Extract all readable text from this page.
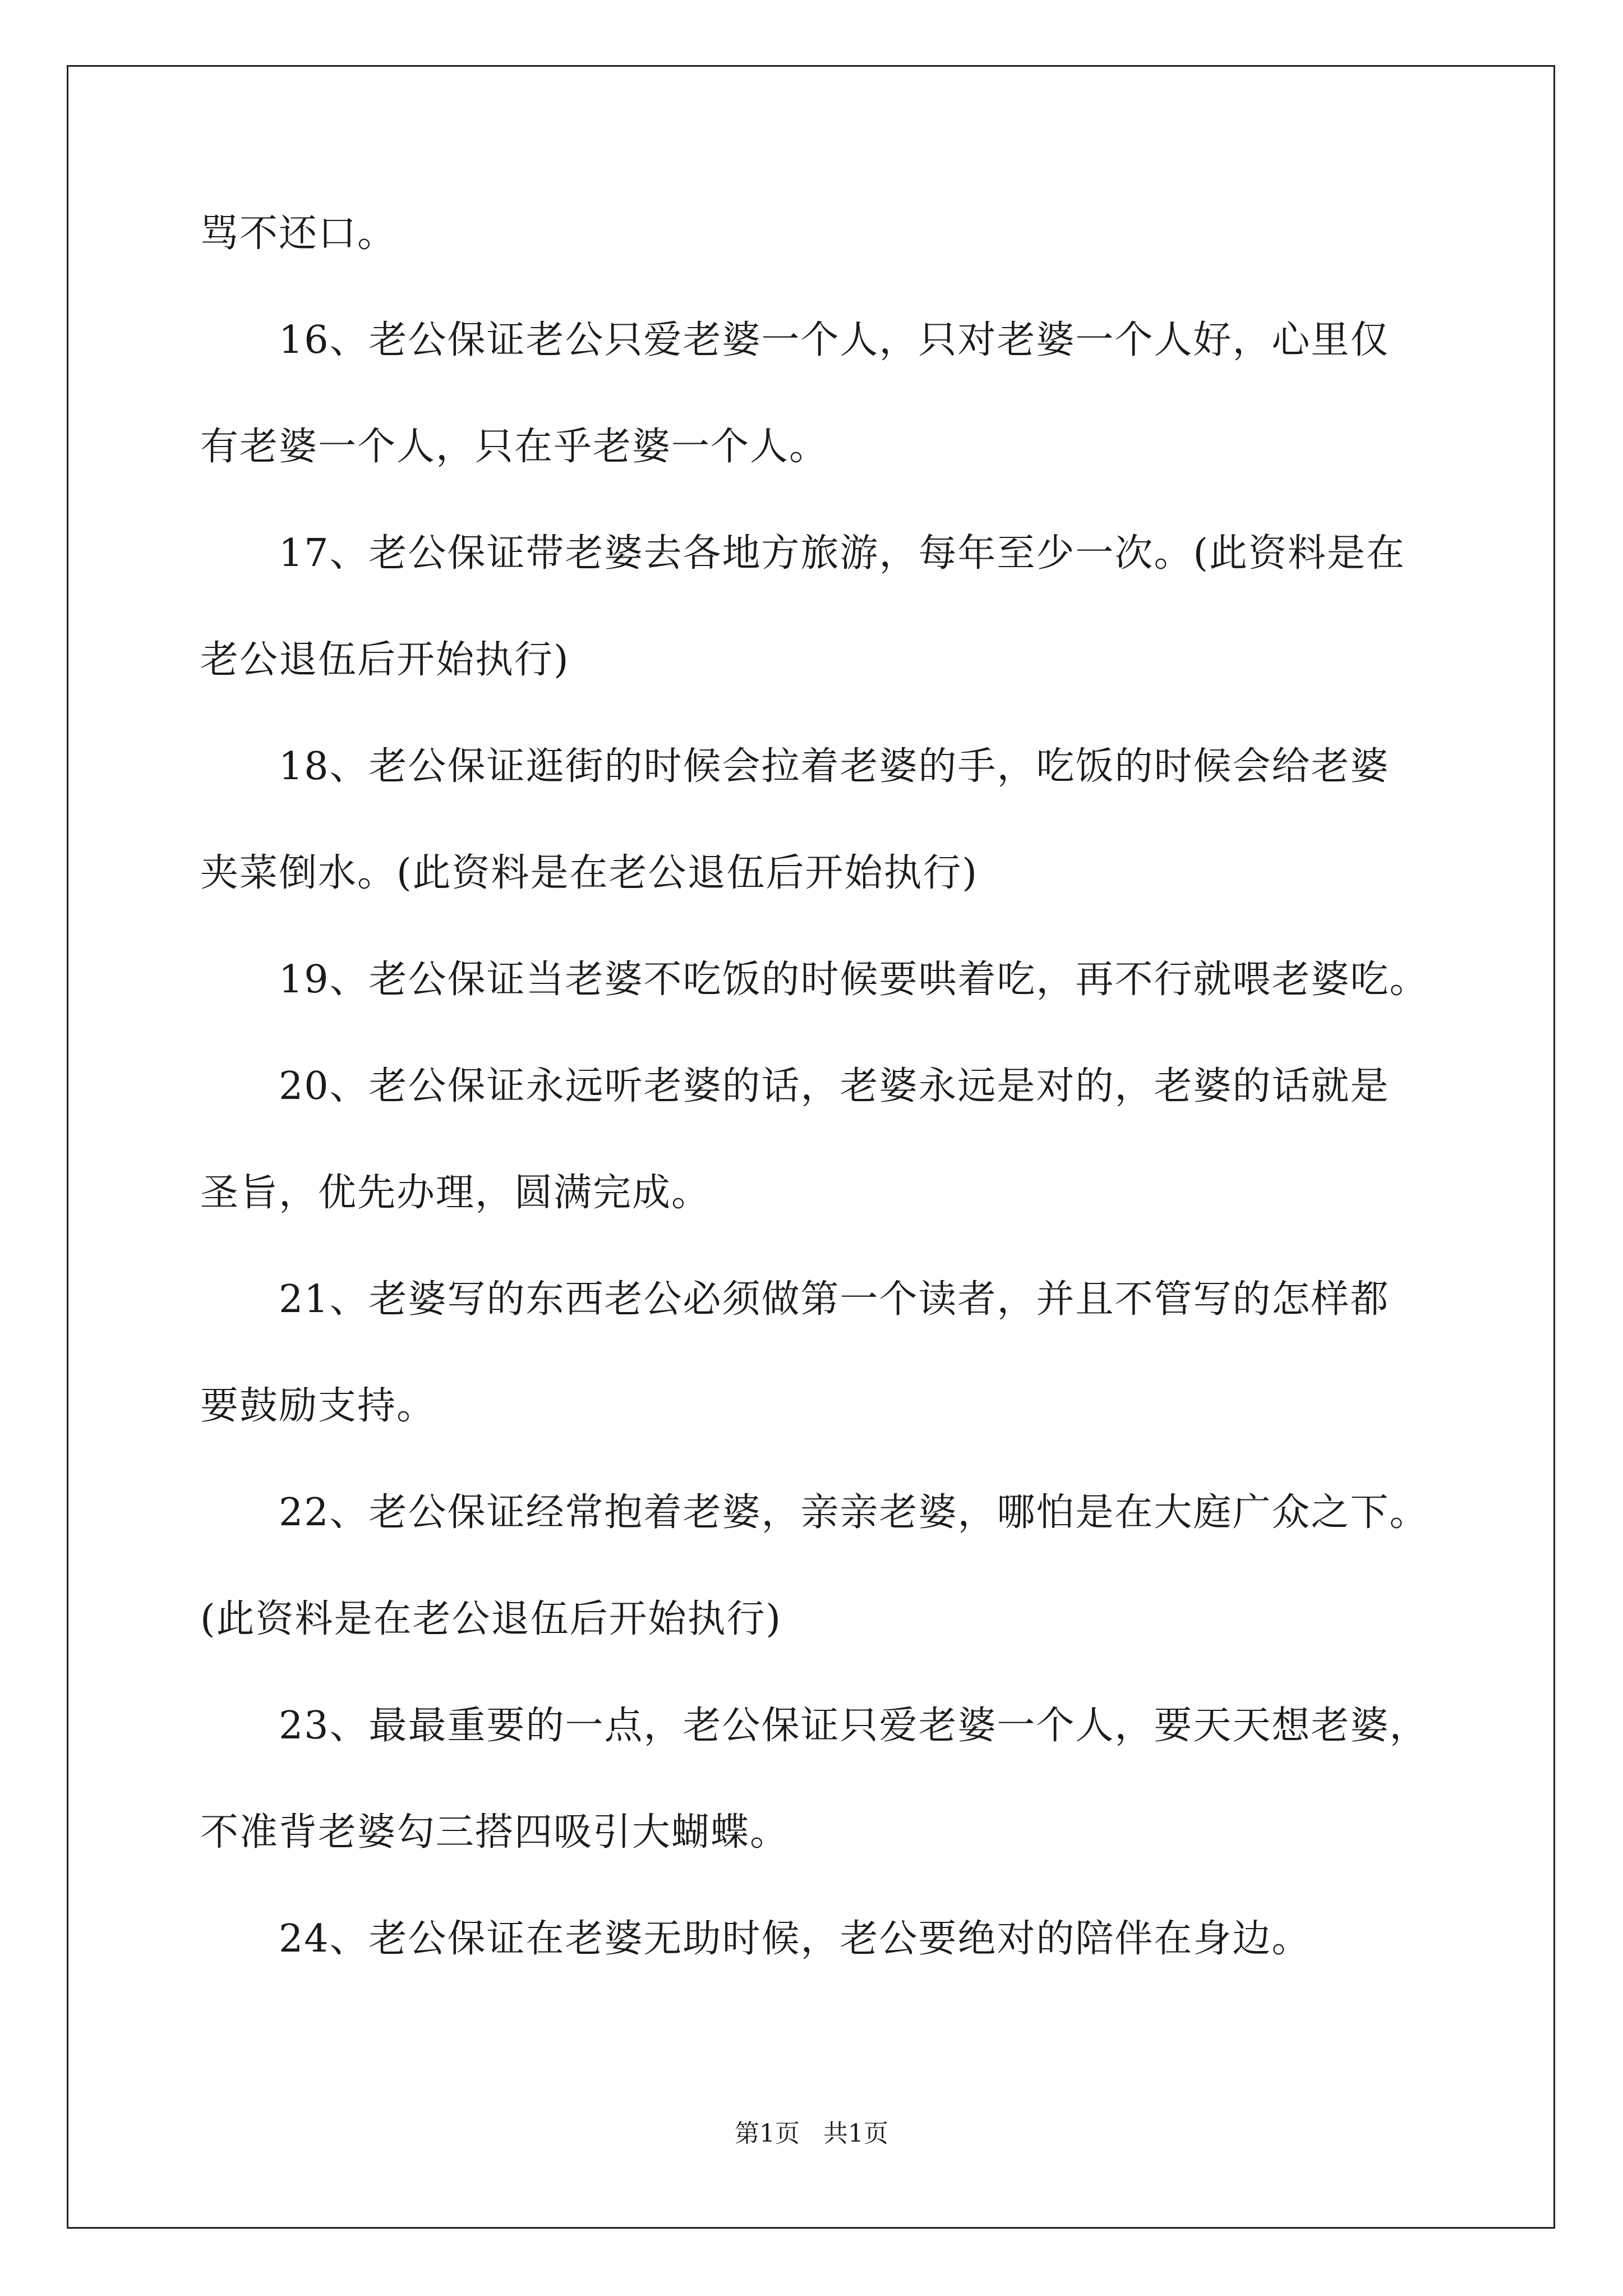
骂不还口。
16、老公保证老公只爱老婆一个人，只对老婆一个人好，心里仅
有老婆一个人，只在乎老婆一个人。
17、老公保证带老婆去各地方旅游，每年至少一次。(此资料是在
老公退伍后开始执行)
18、老公保证逛街的时候会拉着老婆的手，吃饭的时候会给老婆
夹菜倒水。(此资料是在老公退伍后开始执行)
19、老公保证当老婆不吃饭的时候要哄着吃，再不行就喂老婆吃。
20、老公保证永远听老婆的话，老婆永远是对的，老婆的话就是
圣旨，优先办理，圆满完成。
21、老婆写的东西老公必须做第一个读者，并且不管写的怎样都
要鼓励支持。
22、老公保证经常抱着老婆，亲亲老婆，哪怕是在大庭广众之下。
(此资料是在老公退伍后开始执行)
23、最最重要的一点，老公保证只爱老婆一个人，要天天想老婆，
不准背老婆勾三搭四吸引大蝴蝶。
24、老公保证在老婆无助时候，老公要绝对的陪伴在身边。
第1页 共1页
